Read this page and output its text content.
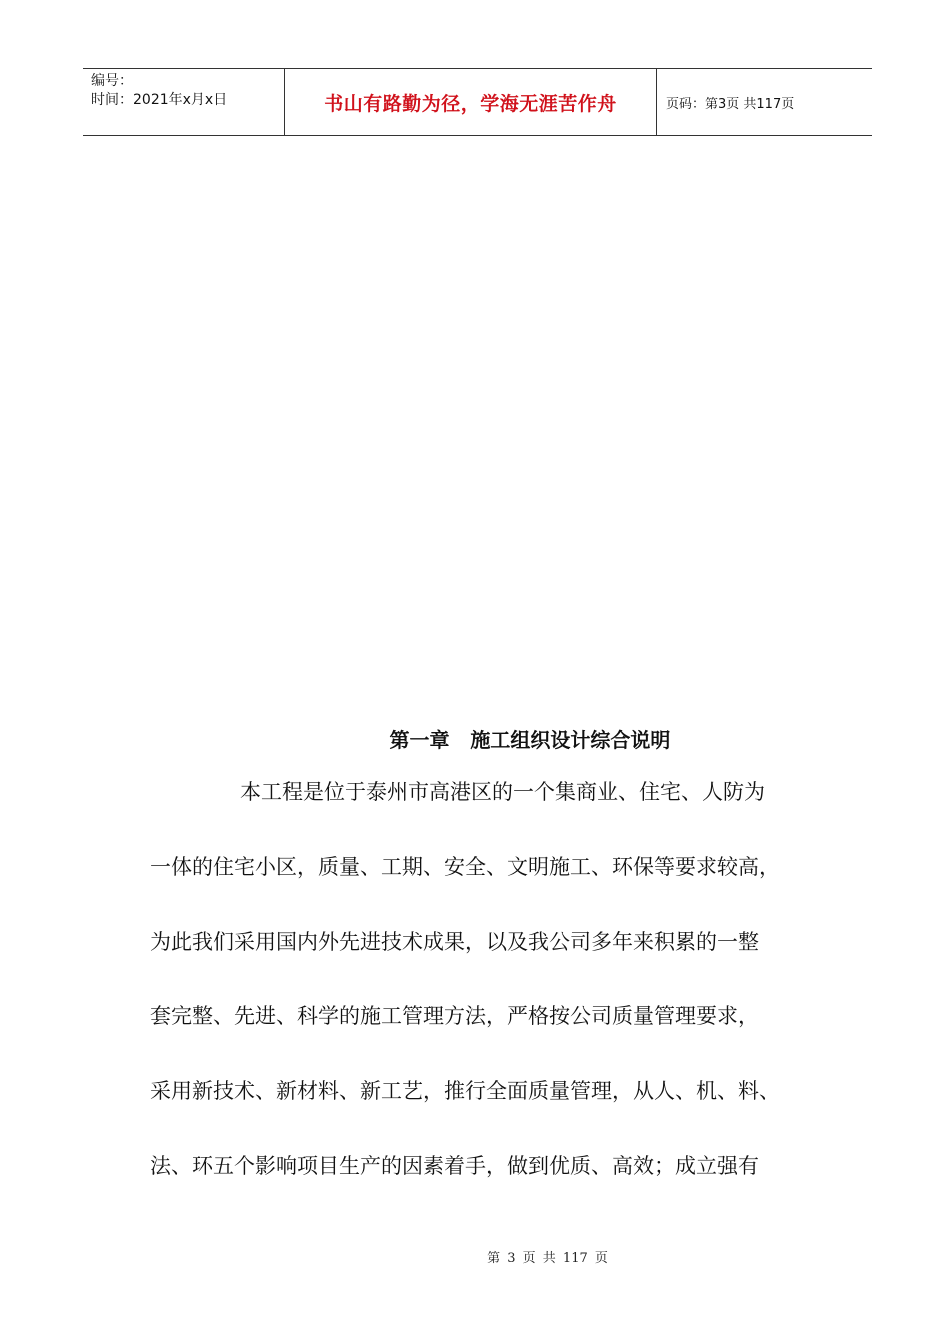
编号：
时间：2021年x月x日	书山有路勤为径，学海无涯苦作舟	页码：第3页 共117页
第一章   施工组织设计综合说明
本工程是位于泰州市高港区的一个集商业、住宅、人防为
一体的住宅小区，质量、工期、安全、文明施工、环保等要求较高，
为此我们采用国内外先进技术成果，以及我公司多年来积累的一整
套完整、先进、科学的施工管理方法，严格按公司质量管理要求，
采用新技术、新材料、新工艺，推行全面质量管理，从人、机、料、
法、环五个影响项目生产的因素着手，做到优质、高效；成立强有
第 3 页 共 117 页
